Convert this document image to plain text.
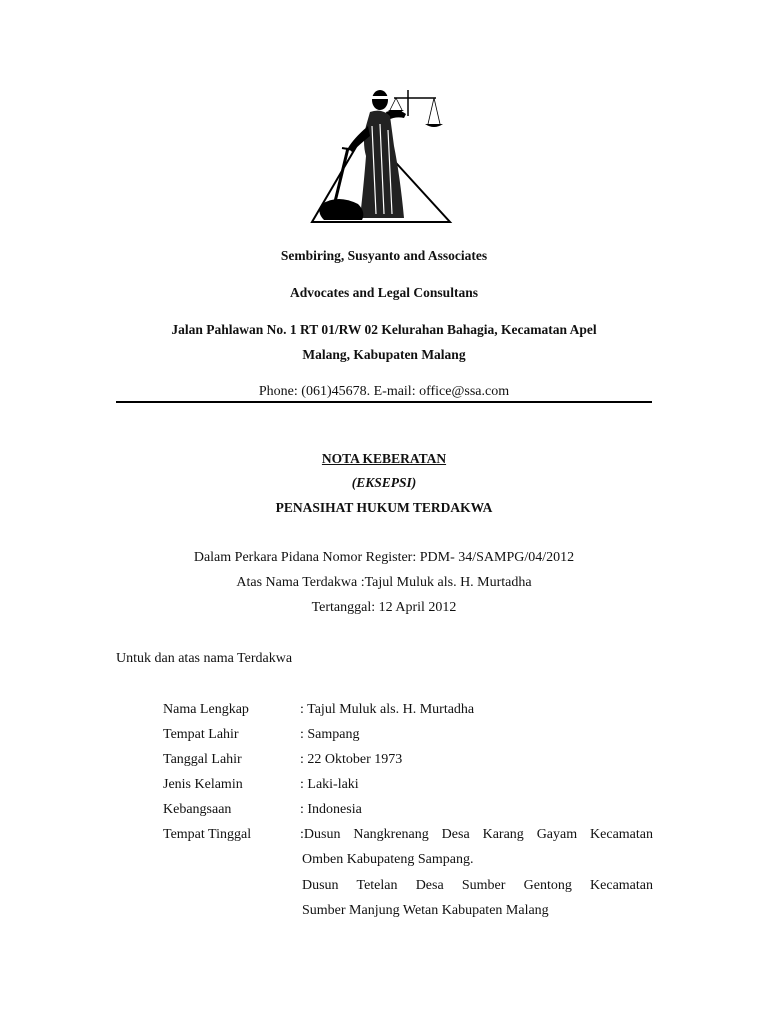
Sembiring, Susyanto and Associates
Advocates and Legal Consultans
Jalan Pahlawan No. 1 RT 01/RW 02 Kelurahan Bahagia, Kecamatan Apel
Malang, Kabupaten Malang
Phone: (061)45678. E-mail: office@ssa.com
NOTA KEBERATAN
(EKSEPSI)
PENASIHAT HUKUM TERDAKWA
Dalam Perkara Pidana Nomor Register: PDM- 34/SAMPG/04/2012
Atas Nama Terdakwa :Tajul Muluk als. H. Murtadha
Tertanggal: 12 April 2012
Untuk dan atas nama Terdakwa
Nama Lengkap	: Tajul Muluk als. H. Murtadha
Tempat Lahir	: Sampang
Tanggal Lahir	: 22 Oktober 1973
Jenis Kelamin	: Laki-laki
Kebangsaan	: Indonesia
Tempat Tinggal	:Dusun Nangkrenang Desa Karang Gayam Kecamatan
Omben Kabupateng Sampang.
Dusun Tetelan Desa Sumber Gentong Kecamatan
Sumber Manjung Wetan Kabupaten Malang
